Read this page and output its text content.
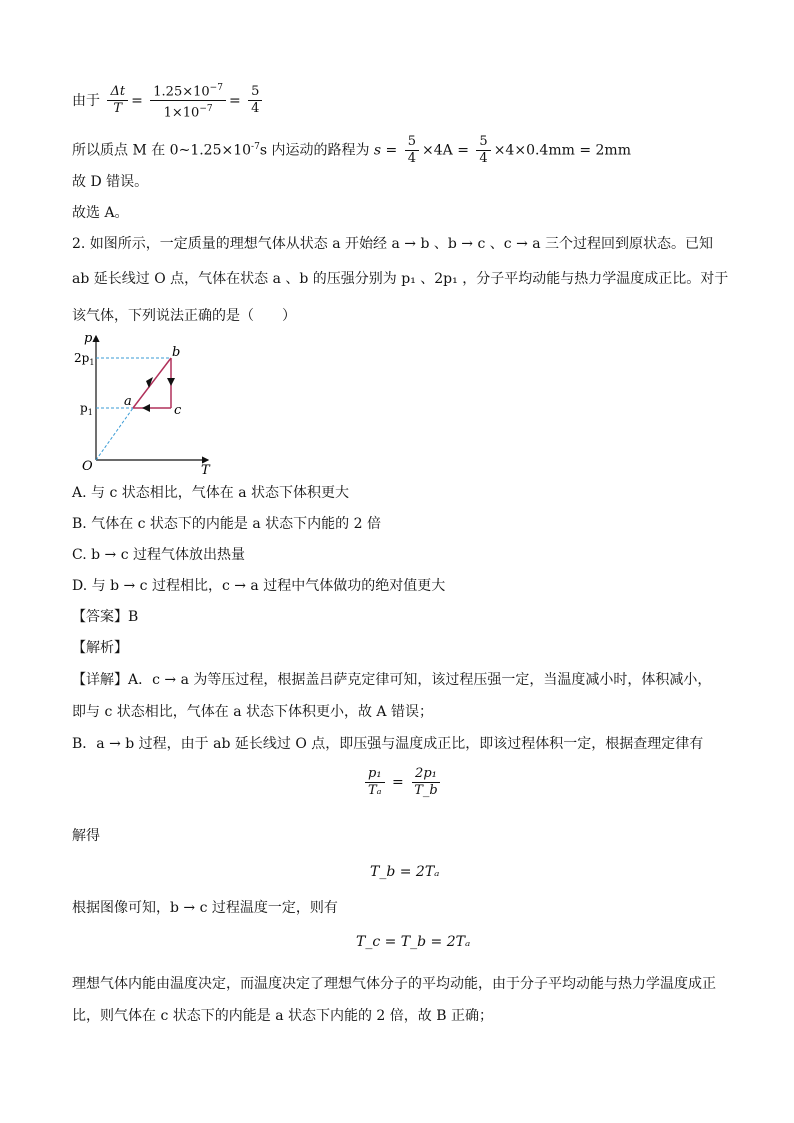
由于 $\frac{\Delta t}{T} = \frac{1.25\times 10^{-7}}{1\times 10^{-7}} = \frac{5}{4}$
所以质点 M 在 $0\sim 1.25\times 10^{-7}s$ 内运动的路程为 $s = \frac{5}{4} \times 4A = \frac{5}{4} \times 4\times 0.4mm = 2mm$
故 D 错误。
故选 A。
2. 如图所示，一定质量的理想气体从状态 a 开始经 a → b 、b → c 、c → a 三个过程回到原状态。已知
ab 延长线过 O 点，气体在状态 a 、b 的压强分别为 p₁ 、2p₁ ，分子平均动能与热力学温度成正比。对于
该气体，下列说法正确的是（　　）
p
T
O
$2p_1$
$p_1$
a
b
c
A. 与 c 状态相比，气体在 a 状态下体积更大
B. 气体在 c 状态下的内能是 a 状态下内能的 2 倍
C. b → c 过程气体放出热量
D. 与 b → c 过程相比，c → a 过程中气体做功的绝对值更大
【答案】B
【解析】
【详解】A．c → a 为等压过程，根据盖吕萨克定律可知，该过程压强一定，当温度减小时，体积减小，
即与 c 状态相比，气体在 a 状态下体积更小，故 A 错误；
B．a → b 过程，由于 ab 延长线过 O 点，即压强与温度成正比，即该过程体积一定，根据查理定律有
$\frac{\text{p₁}}{\text{Tₐ}} = \frac{\text{2p₁}}{T\_b}$
解得
T_b = 2Tₐ
根据图像可知，b → c 过程温度一定，则有
T_c = T_b = 2Tₐ
理想气体内能由温度决定，而温度决定了理想气体分子的平均动能，由于分子平均动能与热力学温度成正
比，则气体在 c 状态下的内能是 a 状态下内能的 2 倍，故 B 正确；
